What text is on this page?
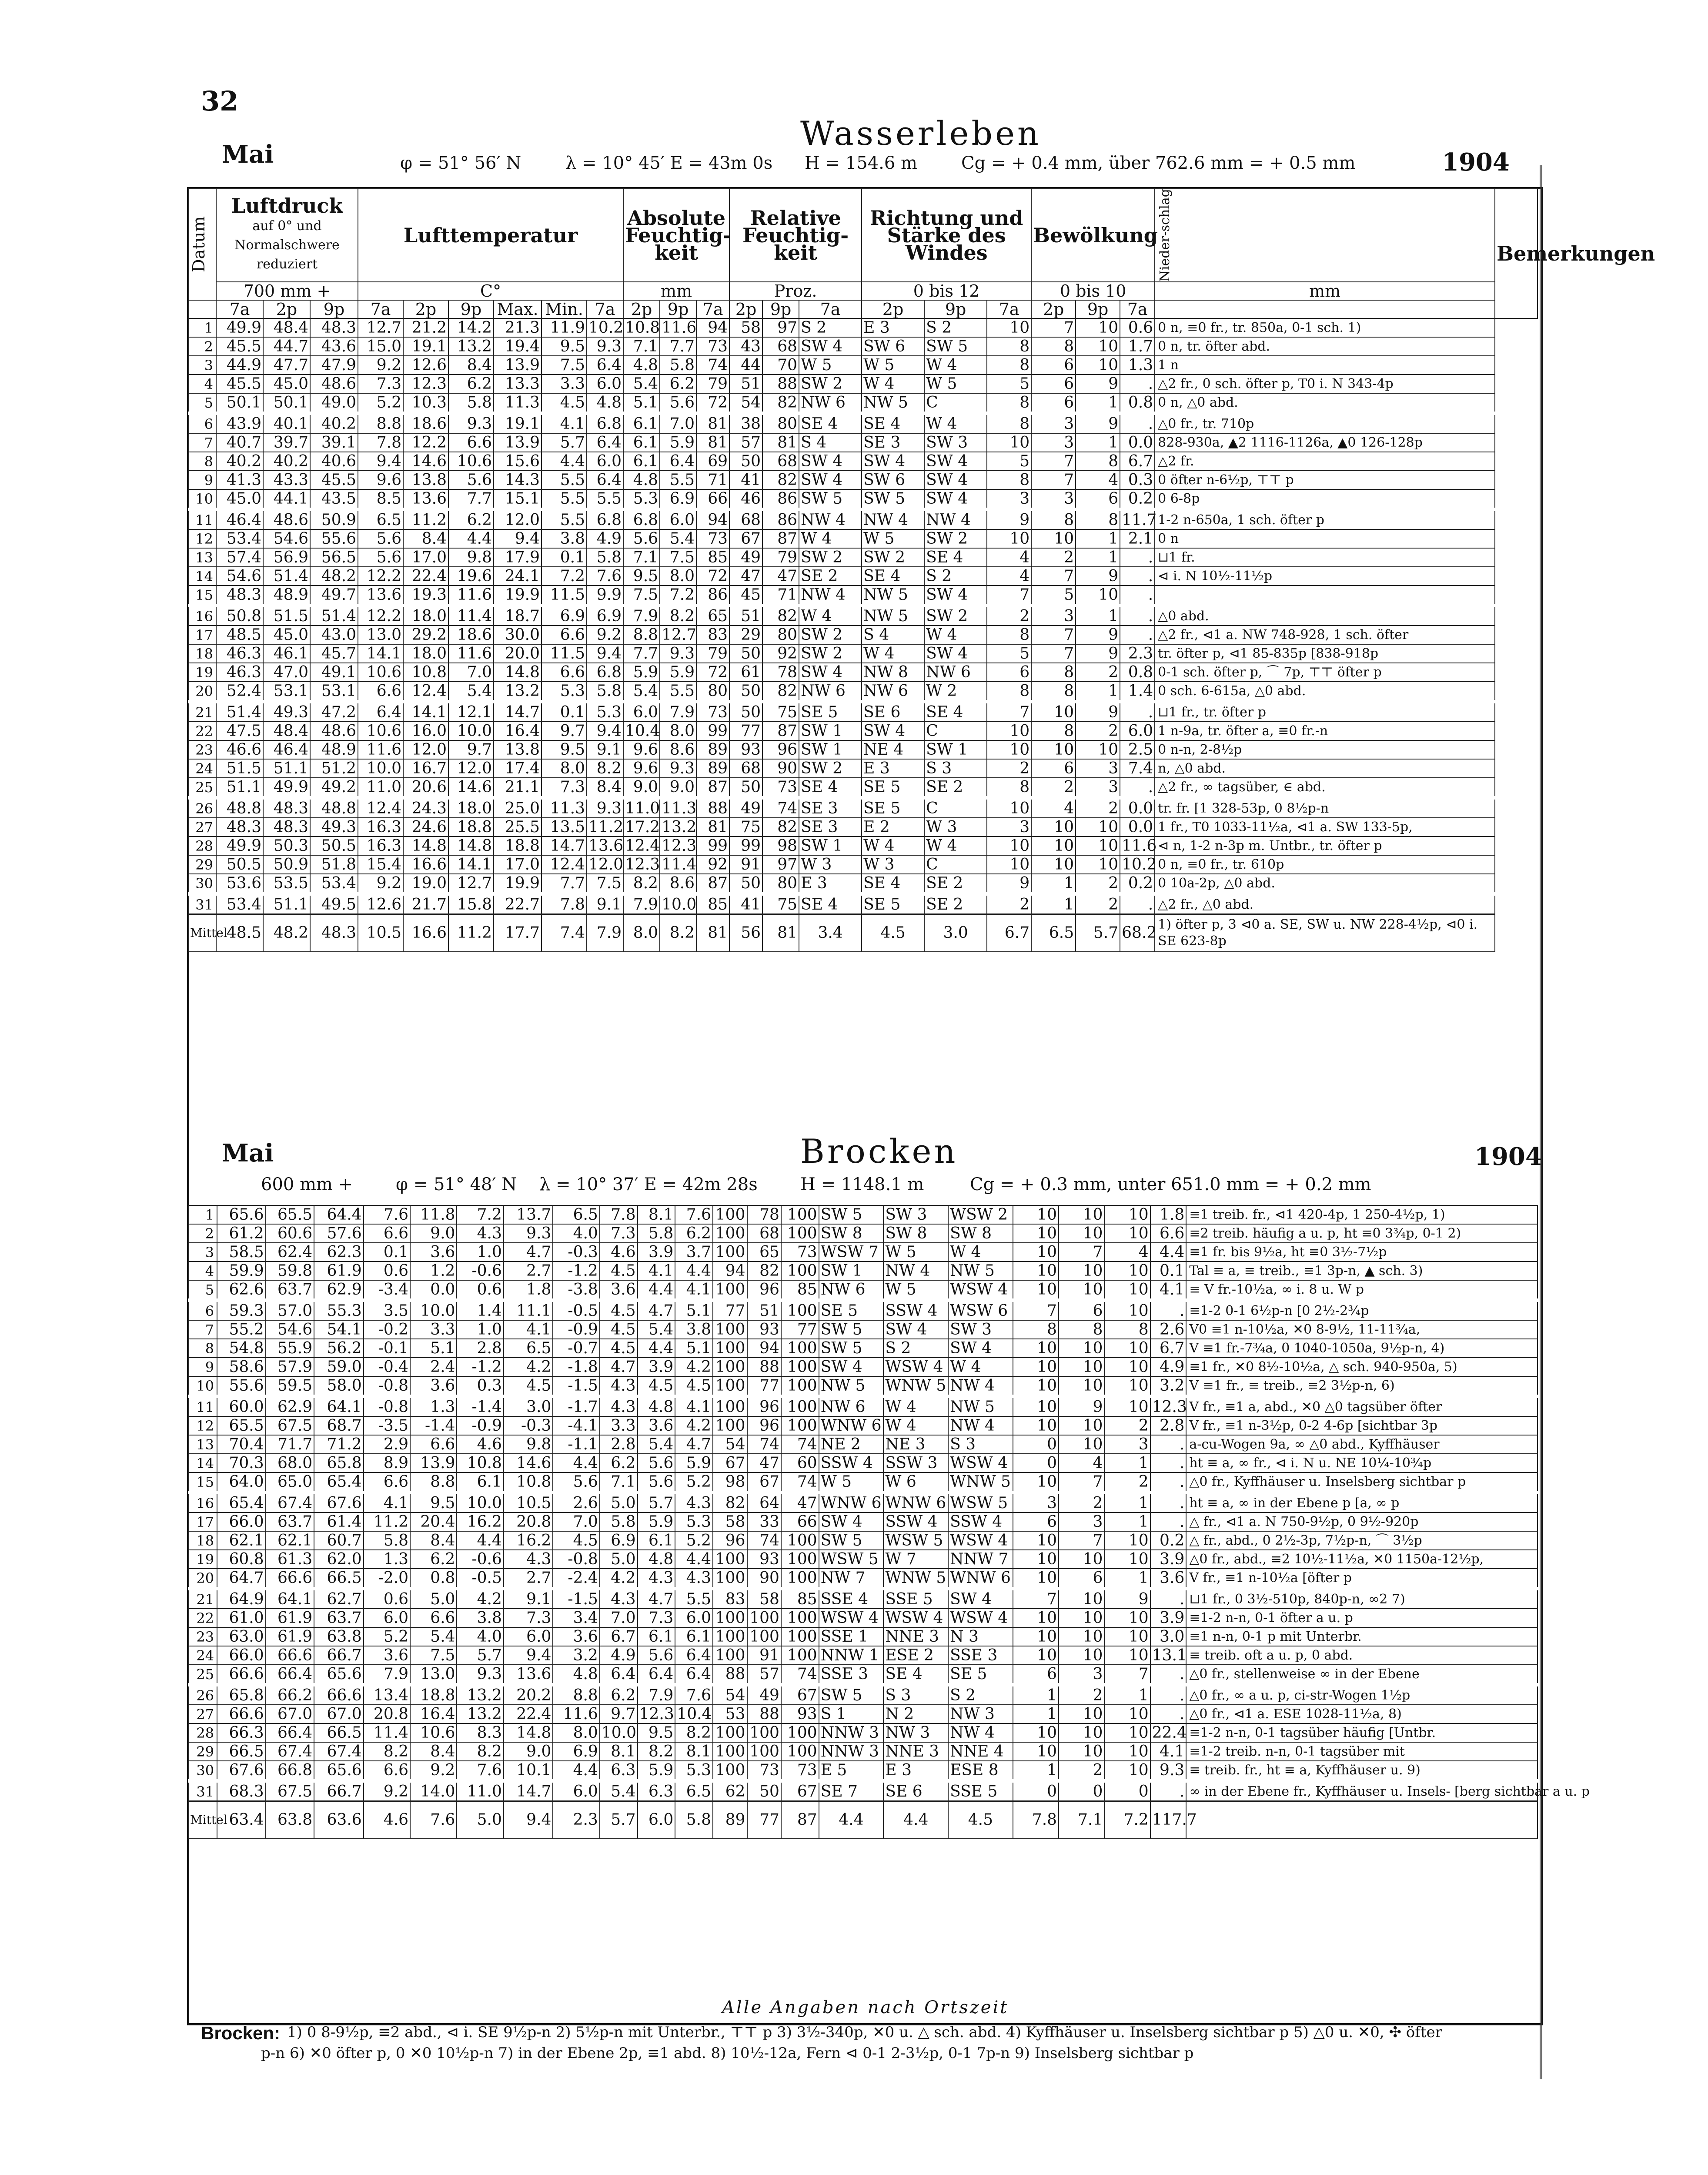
32
Wasserleben
Mai	φ = 51° 56′ N	λ = 10° 45′ E = 43m 0s H = 154.6 m	Cg = + 0.4 mm, über 762.6 mm = + 0.5 mm	1904
Datum	Luftdruck
auf 0° und Normalschwere reduziert			Lufttemperatur						Absolute Feuchtig-keit			Relative Feuchtig-keit			Richtung und Stärke des Windes			Bewölkung			Nieder-schlag	Bemerkungen
	700 mm +			C°						mm			Proz.			0 bis 12			0 bis 10			mm	
	7a	2p	9p	7a	2p	9p	Max.	Min.	7a	2p	9p	7a	2p	9p	7a	2p	9p	7a	2p	9p	7a		
1	49.9	48.4	48.3	12.7	21.2	14.2	21.3	11.9	10.2	10.8	11.6	94	58	97	S 2	E 3	S 2	10	7	10	0.6	0 n, ≡0 fr., tr. 850a, 0-1 sch. 1)	
2	45.5	44.7	43.6	15.0	19.1	13.2	19.4	9.5	9.3	7.1	7.7	73	43	68	SW 4	SW 6	SW 5	8	8	10	1.7	0 n, tr. öfter abd.	
3	44.9	47.7	47.9	9.2	12.6	8.4	13.9	7.5	6.4	4.8	5.8	74	44	70	W 5	W 5	W 4	8	6	10	1.3	1 n	
4	45.5	45.0	48.6	7.3	12.3	6.2	13.3	3.3	6.0	5.4	6.2	79	51	88	SW 2	W 4	W 5	5	6	9	.	△2 fr., 0 sch. öfter p, T0 i. N 343-4p	
5	50.1	50.1	49.0	5.2	10.3	5.8	11.3	4.5	4.8	5.1	5.6	72	54	82	NW 6	NW 5	C	8	6	1	0.8	0 n, △0 abd.	
6	43.9	40.1	40.2	8.8	18.6	9.3	19.1	4.1	6.8	6.1	7.0	81	38	80	SE 4	SE 4	W 4	8	3	9	.	△0 fr., tr. 710p	
7	40.7	39.7	39.1	7.8	12.2	6.6	13.9	5.7	6.4	6.1	5.9	81	57	81	S 4	SE 3	SW 3	10	3	1	0.0	828-930a, ▲2 1116-1126a, ▲0 126-128p	
8	40.2	40.2	40.6	9.4	14.6	10.6	15.6	4.4	6.0	6.1	6.4	69	50	68	SW 4	SW 4	SW 4	5	7	8	6.7	△2 fr.	
9	41.3	43.3	45.5	9.6	13.8	5.6	14.3	5.5	6.4	4.8	5.5	71	41	82	SW 4	SW 6	SW 4	8	7	4	0.3	0 öfter n-6½p, ⊤⊤ p	
10	45.0	44.1	43.5	8.5	13.6	7.7	15.1	5.5	5.5	5.3	6.9	66	46	86	SW 5	SW 5	SW 4	3	3	6	0.2	0 6-8p	
11	46.4	48.6	50.9	6.5	11.2	6.2	12.0	5.5	6.8	6.8	6.0	94	68	86	NW 4	NW 4	NW 4	9	8	8	11.7	1-2 n-650a, 1 sch. öfter p	
12	53.4	54.6	55.6	5.6	8.4	4.4	9.4	3.8	4.9	5.6	5.4	73	67	87	W 4	W 5	SW 2	10	10	1	2.1	0 n	
13	57.4	56.9	56.5	5.6	17.0	9.8	17.9	0.1	5.8	7.1	7.5	85	49	79	SW 2	SW 2	SE 4	4	2	1	.	⊔1 fr.	
14	54.6	51.4	48.2	12.2	22.4	19.6	24.1	7.2	7.6	9.5	8.0	72	47	47	SE 2	SE 4	S 2	4	7	9	.	⊲ i. N 10½-11½p	
15	48.3	48.9	49.7	13.6	19.3	11.6	19.9	11.5	9.9	7.5	7.2	86	45	71	NW 4	NW 5	SW 4	7	5	10	.		
16	50.8	51.5	51.4	12.2	18.0	11.4	18.7	6.9	6.9	7.9	8.2	65	51	82	W 4	NW 5	SW 2	2	3	1	.	△0 abd.	
17	48.5	45.0	43.0	13.0	29.2	18.6	30.0	6.6	9.2	8.8	12.7	83	29	80	SW 2	S 4	W 4	8	7	9	.	△2 fr., ⊲1 a. NW 748-928, 1 sch. öfter	
18	46.3	46.1	45.7	14.1	18.0	11.6	20.0	11.5	9.4	7.7	9.3	79	50	92	SW 2	W 4	SW 4	5	7	9	2.3	tr. öfter p, ⊲1 85-835p [838-918p	
19	46.3	47.0	49.1	10.6	10.8	7.0	14.8	6.6	6.8	5.9	5.9	72	61	78	SW 4	NW 8	NW 6	6	8	2	0.8	0-1 sch. öfter p, ⌒ 7p, ⊤⊤ öfter p	
20	52.4	53.1	53.1	6.6	12.4	5.4	13.2	5.3	5.8	5.4	5.5	80	50	82	NW 6	NW 6	W 2	8	8	1	1.4	0 sch. 6-615a, △0 abd.	
21	51.4	49.3	47.2	6.4	14.1	12.1	14.7	0.1	5.3	6.0	7.9	73	50	75	SE 5	SE 6	SE 4	7	10	9	.	⊔1 fr., tr. öfter p	
22	47.5	48.4	48.6	10.6	16.0	10.0	16.4	9.7	9.4	10.4	8.0	99	77	87	SW 1	SW 4	C	10	8	2	6.0	1 n-9a, tr. öfter a, ≡0 fr.-n	
23	46.6	46.4	48.9	11.6	12.0	9.7	13.8	9.5	9.1	9.6	8.6	89	93	96	SW 1	NE 4	SW 1	10	10	10	2.5	0 n-n, 2-8½p	
24	51.5	51.1	51.2	10.0	16.7	12.0	17.4	8.0	8.2	9.6	9.3	89	68	90	SW 2	E 3	S 3	2	6	3	7.4	n, △0 abd.	
25	51.1	49.9	49.2	11.0	20.6	14.6	21.1	7.3	8.4	9.0	9.0	87	50	73	SE 4	SE 5	SE 2	8	2	3	.	△2 fr., ∞ tagsüber, ∈ abd.	
26	48.8	48.3	48.8	12.4	24.3	18.0	25.0	11.3	9.3	11.0	11.3	88	49	74	SE 3	SE 5	C	10	4	2	0.0	tr. fr. [1 328-53p, 0 8½p-n	
27	48.3	48.3	49.3	16.3	24.6	18.8	25.5	13.5	11.2	17.2	13.2	81	75	82	SE 3	E 2	W 3	3	10	10	0.0	1 fr., T0 1033-11½a, ⊲1 a. SW 133-5p,	
28	49.9	50.3	50.5	16.3	14.8	14.8	18.8	14.7	13.6	12.4	12.3	99	99	98	SW 1	W 4	W 4	10	10	10	11.6	⊲ n, 1-2 n-3p m. Untbr., tr. öfter p	
29	50.5	50.9	51.8	15.4	16.6	14.1	17.0	12.4	12.0	12.3	11.4	92	91	97	W 3	W 3	C	10	10	10	10.2	0 n, ≡0 fr., tr. 610p	
30	53.6	53.5	53.4	9.2	19.0	12.7	19.9	7.7	7.5	8.2	8.6	87	50	80	E 3	SE 4	SE 2	9	1	2	0.2	0 10a-2p, △0 abd.	
31	53.4	51.1	49.5	12.6	21.7	15.8	22.7	7.8	9.1	7.9	10.0	85	41	75	SE 4	SE 5	SE 2	2	1	2	.	△2 fr., △0 abd.	
Mittel	48.5	48.2	48.3	10.5	16.6	11.2	17.7	7.4	7.9	8.0	8.2	81	56	81	3.4	4.5	3.0	6.7	6.5	5.7	68.2	1) öfter p, 3 ⊲0 a. SE, SW u. NW 228-4½p, ⊲0 i. SE 623-8p	
Mai	Brocken	1904
600 mm + φ = 51° 48′ N λ = 10° 37′ E = 42m 28s H = 1148.1 m	Cg = + 0.3 mm, unter 651.0 mm = + 0.2 mm
1	65.6	65.5	64.4	7.6	11.8	7.2	13.7	6.5	7.8	8.1	7.6	100	78	100	SW 5	SW 3	WSW 2	10	10	10	1.8	≡1 treib. fr., ⊲1 420-4p, 1 250-4½p, 1)
2	61.2	60.6	57.6	6.6	9.0	4.3	9.3	4.0	7.3	5.8	6.2	100	68	100	SW 8	SW 8	SW 8	10	10	10	6.6	≡2 treib. häufig a u. p, ht ≡0 3¾p, 0-1 2)
3	58.5	62.4	62.3	0.1	3.6	1.0	4.7	-0.3	4.6	3.9	3.7	100	65	73	WSW 7	W 5	W 4	10	7	4	4.4	≡1 fr. bis 9½a, ht ≡0 3½-7½p
4	59.9	59.8	61.9	0.6	1.2	-0.6	2.7	-1.2	4.5	4.1	4.4	94	82	100	SW 1	NW 4	NW 5	10	10	10	0.1	Tal ≡ a, ≡ treib., ≡1 3p-n, ▲ sch. 3)
5	62.6	63.7	62.9	-3.4	0.0	0.6	1.8	-3.8	3.6	4.4	4.1	100	96	85	NW 6	W 5	WSW 4	10	10	10	4.1	≡ V fr.-10½a, ∞ i. 8 u. W p
6	59.3	57.0	55.3	3.5	10.0	1.4	11.1	-0.5	4.5	4.7	5.1	77	51	100	SE 5	SSW 4	WSW 6	7	6	10	.	≡1-2 0-1 6½p-n [0 2½-2¾p
7	55.2	54.6	54.1	-0.2	3.3	1.0	4.1	-0.9	4.5	5.4	3.8	100	93	77	SW 5	SW 4	SW 3	8	8	8	2.6	V0 ≡1 n-10½a, ✕0 8-9½, 11-11¾a,
8	54.8	55.9	56.2	-0.1	5.1	2.8	6.5	-0.7	4.5	4.4	5.1	100	94	100	SW 5	S 2	SW 4	10	10	10	6.7	V ≡1 fr.-7¾a, 0 1040-1050a, 9½p-n, 4)
9	58.6	57.9	59.0	-0.4	2.4	-1.2	4.2	-1.8	4.7	3.9	4.2	100	88	100	SW 4	WSW 4	W 4	10	10	10	4.9	≡1 fr., ✕0 8½-10½a, △ sch. 940-950a, 5)
10	55.6	59.5	58.0	-0.8	3.6	0.3	4.5	-1.5	4.3	4.5	4.5	100	77	100	NW 5	WNW 5	NW 4	10	10	10	3.2	V ≡1 fr., ≡ treib., ≡2 3½p-n, 6)
11	60.0	62.9	64.1	-0.8	1.3	-1.4	3.0	-1.7	4.3	4.8	4.1	100	96	100	NW 6	W 4	NW 5	10	9	10	12.3	V fr., ≡1 a, abd., ✕0 △0 tagsüber öfter
12	65.5	67.5	68.7	-3.5	-1.4	-0.9	-0.3	-4.1	3.3	3.6	4.2	100	96	100	WNW 6	W 4	NW 4	10	10	2	2.8	V fr., ≡1 n-3½p, 0-2 4-6p [sichtbar 3p
13	70.4	71.7	71.2	2.9	6.6	4.6	9.8	-1.1	2.8	5.4	4.7	54	74	74	NE 2	NE 3	S 3	0	10	3	.	a-cu-Wogen 9a, ∞ △0 abd., Kyffhäuser
14	70.3	68.0	65.8	8.9	13.9	10.8	14.6	4.4	6.2	5.6	5.9	67	47	60	SSW 4	SSW 3	WSW 4	0	4	1	.	ht ≡ a, ∞ fr., ⊲ i. N u. NE 10¼-10¾p
15	64.0	65.0	65.4	6.6	8.8	6.1	10.8	5.6	7.1	5.6	5.2	98	67	74	W 5	W 6	WNW 5	10	7	2	.	△0 fr., Kyffhäuser u. Inselsberg sichtbar p
16	65.4	67.4	67.6	4.1	9.5	10.0	10.5	2.6	5.0	5.7	4.3	82	64	47	WNW 6	WNW 6	WSW 5	3	2	1	.	ht ≡ a, ∞ in der Ebene p [a, ∞ p
17	66.0	63.7	61.4	11.2	20.4	16.2	20.8	7.0	5.8	5.9	5.3	58	33	66	SW 4	SSW 4	SSW 4	6	3	1	.	△ fr., ⊲1 a. N 750-9½p, 0 9½-920p
18	62.1	62.1	60.7	5.8	8.4	4.4	16.2	4.5	6.9	6.1	5.2	96	74	100	SW 5	WSW 5	WSW 4	10	7	10	0.2	△ fr., abd., 0 2½-3p, 7½p-n, ⌒ 3½p
19	60.8	61.3	62.0	1.3	6.2	-0.6	4.3	-0.8	5.0	4.8	4.4	100	93	100	WSW 5	W 7	NNW 7	10	10	10	3.9	△0 fr., abd., ≡2 10½-11½a, ✕0 1150a-12½p,
20	64.7	66.6	66.5	-2.0	0.8	-0.5	2.7	-2.4	4.2	4.3	4.3	100	90	100	NW 7	WNW 5	WNW 6	10	6	1	3.6	V fr., ≡1 n-10½a [öfter p
21	64.9	64.1	62.7	0.6	5.0	4.2	9.1	-1.5	4.3	4.7	5.5	83	58	85	SSE 4	SSE 5	SW 4	7	10	9	.	⊔1 fr., 0 3½-510p, 840p-n, ∞2 7)
22	61.0	61.9	63.7	6.0	6.6	3.8	7.3	3.4	7.0	7.3	6.0	100	100	100	WSW 4	WSW 4	WSW 4	10	10	10	3.9	≡1-2 n-n, 0-1 öfter a u. p
23	63.0	61.9	63.8	5.2	5.4	4.0	6.0	3.6	6.7	6.1	6.1	100	100	100	SSE 1	NNE 3	N 3	10	10	10	3.0	≡1 n-n, 0-1 p mit Unterbr.
24	66.0	66.6	66.7	3.6	7.5	5.7	9.4	3.2	4.9	5.6	6.4	100	91	100	NNW 1	ESE 2	SSE 3	10	10	10	13.1	≡ treib. oft a u. p, 0 abd.
25	66.6	66.4	65.6	7.9	13.0	9.3	13.6	4.8	6.4	6.4	6.4	88	57	74	SSE 3	SE 4	SE 5	6	3	7	.	△0 fr., stellenweise ∞ in der Ebene
26	65.8	66.2	66.6	13.4	18.8	13.2	20.2	8.8	6.2	7.9	7.6	54	49	67	SW 5	S 3	S 2	1	2	1	.	△0 fr., ∞ a u. p, ci-str-Wogen 1½p
27	66.6	67.0	67.0	20.8	16.4	13.2	22.4	11.6	9.7	12.3	10.4	53	88	93	S 1	N 2	NW 3	1	10	10	.	△0 fr., ⊲1 a. ESE 1028-11½a, 8)
28	66.3	66.4	66.5	11.4	10.6	8.3	14.8	8.0	10.0	9.5	8.2	100	100	100	NNW 3	NW 3	NW 4	10	10	10	22.4	≡1-2 n-n, 0-1 tagsüber häufig [Untbr.
29	66.5	67.4	67.4	8.2	8.4	8.2	9.0	6.9	8.1	8.2	8.1	100	100	100	NNW 3	NNE 3	NNE 4	10	10	10	4.1	≡1-2 treib. n-n, 0-1 tagsüber mit
30	67.6	66.8	65.6	6.6	9.2	7.6	10.1	4.4	6.3	5.9	5.3	100	73	73	E 5	E 3	ESE 8	1	2	10	9.3	≡ treib. fr., ht ≡ a, Kyffhäuser u. 9)
31	68.3	67.5	66.7	9.2	14.0	11.0	14.7	6.0	5.4	6.3	6.5	62	50	67	SE 7	SE 6	SSE 5	0	0	0	.	∞ in der Ebene fr., Kyffhäuser u. Insels- [berg sichtbar a u. p
Mittel	63.4	63.8	63.6	4.6	7.6	5.0	9.4	2.3	5.7	6.0	5.8	89	77	87	4.4	4.4	4.5	7.8	7.1	7.2	117.7	
Alle Angaben nach Ortszeit
Brocken: 1) 0 8-9½p, ≡2 abd., ⊲ i. SE 9½p-n 2) 5½p-n mit Unterbr., ⊤⊤ p 3) 3½-340p, ✕0 u. △ sch. abd. 4) Kyffhäuser u. Inselsberg sichtbar p 5) △0 u. ✕0, ✣ öfter
p-n 6) ✕0 öfter p, 0 ✕0 10½p-n 7) in der Ebene 2p, ≡1 abd. 8) 10½-12a, Fern ⊲ 0-1 2-3½p, 0-1 7p-n 9) Inselsberg sichtbar p
